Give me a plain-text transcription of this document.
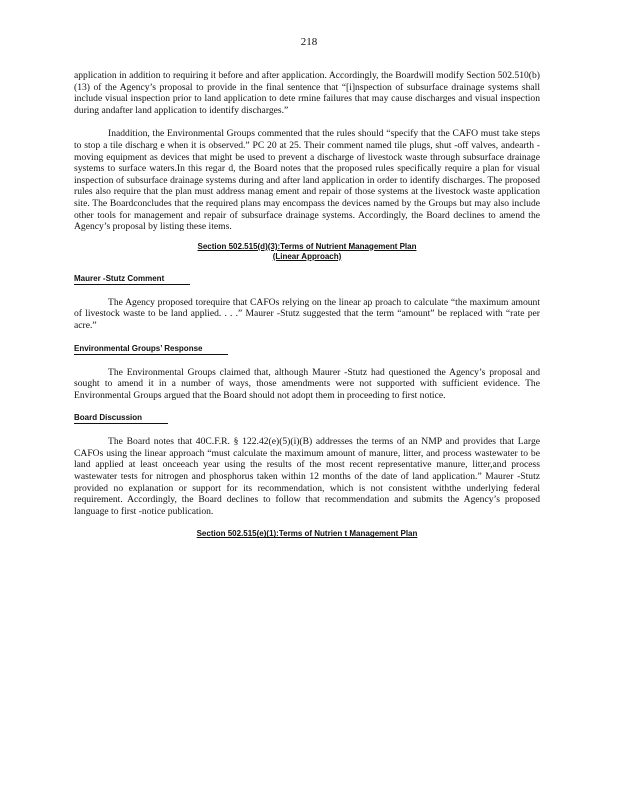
218

application in addition to requiring it before and after application. Accordingly, the Boardwill modify Section 502.510(b)(13) of the Agency’s proposal to provide in the final sentence that “[i]nspection of subsurface drainage systems shall include visual inspection prior to land application to dete rmine failures that may cause discharges and visual inspection during andafter land application to identify discharges.”

Inaddition, the Environmental Groups commented that the rules should “specify that the CAFO must take steps to stop a tile discharg e when it is observed.” PC 20 at 25. Their comment named tile plugs, shut -off valves, andearth -moving equipment as devices that might be used to prevent a discharge of livestock waste through subsurface drainage systems to surface waters.In this regar d, the Board notes that the proposed rules specifically require a plan for visual inspection of subsurface drainage systems during and after land application in order to identify discharges. The proposed rules also require that the plan must address manag ement and repair of those systems at the livestock waste application site. The Boardconcludes that the required plans may encompass the devices named by the Groups but may also include other tools for management and repair of subsurface drainage systems. Accordingly, the Board declines to amend the Agency’s proposal by listing these items.

Section 502.515(d)(3):Terms of Nutrient Management Plan
(Linear Approach)
Maurer -Stutz Comment

The Agency proposed torequire that CAFOs relying on the linear ap proach to calculate “the maximum amount of livestock waste to be land applied. . . .” Maurer -Stutz suggested that the term “amount” be replaced with “rate per acre.”

Environmental Groups’ Response

The Environmental Groups claimed that, although Maurer -Stutz had questioned the Agency’s proposal and sought to amend it in a number of ways, those amendments were not supported with sufficient evidence. The Environmental Groups argued that the Board should not adopt them in proceeding to first notice.

Board Discussion

The Board notes that 40C.F.R. § 122.42(e)(5)(i)(B) addresses the terms of an NMP and provides that Large CAFOs using the linear approach “must calculate the maximum amount of manure, litter, and process wastewater to be land applied at least onceeach year using the results of the most recent representative manure, litter,and process wastewater tests for nitrogen and phosphorus taken within 12 months of the date of land application.” Maurer -Stutz provided no explanation or support for its recommendation, which is not consistent withthe underlying federal requirement. Accordingly, the Board declines to follow that recommendation and submits the Agency’s proposed language to first -notice publication.

Section 502.515(e)(1):Terms of Nutrien t Management Plan
